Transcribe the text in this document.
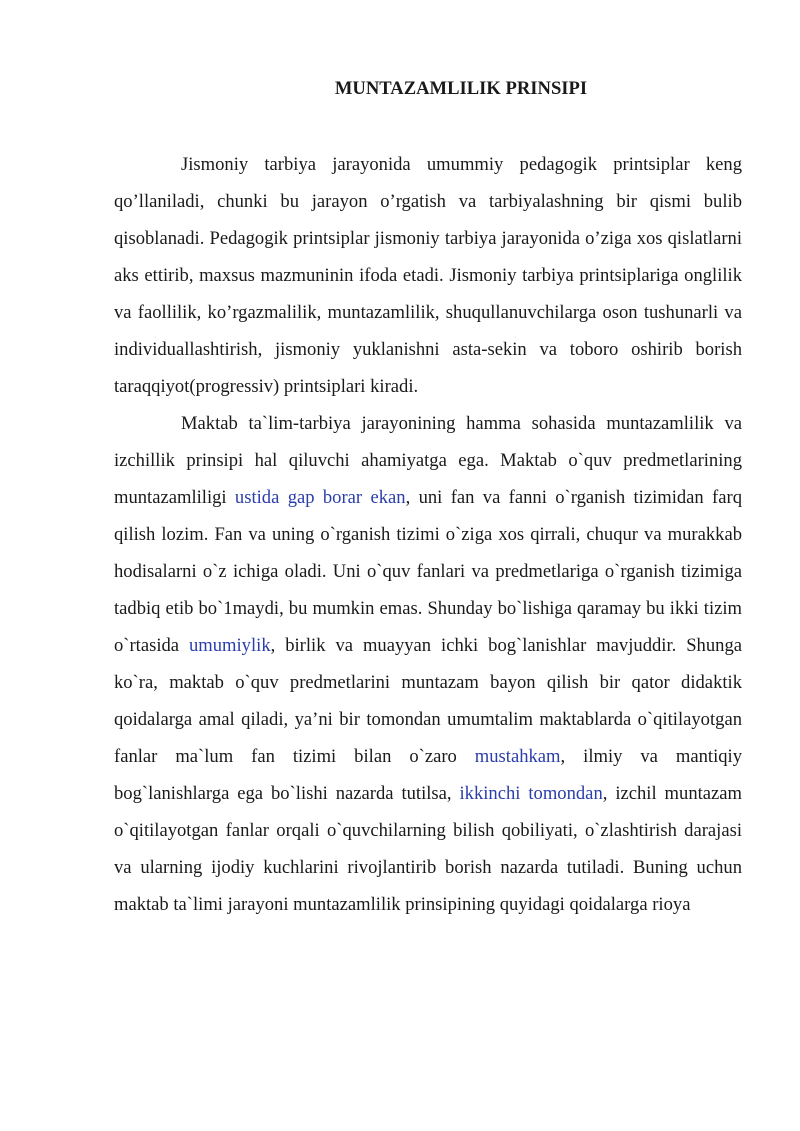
MUNTAZAMLILIK PRINSIPI

Jismoniy tarbiya jarayonida umummiy pedagogik printsiplar keng qo’llaniladi, chunki bu jarayon o’rgatish va tarbiyalashning bir qismi bulib qisoblanadi. Pedagogik printsiplar jismoniy tarbiya jarayonida o’ziga xos qislatlarni aks ettirib, maxsus mazmuninin ifoda etadi. Jismoniy tarbiya printsiplariga onglilik va faollilik, ko’rgazmalilik, muntazamlilik, shuqullanuvchilarga oson tushunarli va individuallashtirish, jismoniy yuklanishni asta-sekin va toboro oshirib borish taraqqiyot(progressiv) printsiplari kiradi.

Maktab ta`lim-tarbiya jarayonining hamma sohasida muntazamlilik va izchillik prinsipi hal qiluvchi ahamiyatga ega. Maktab o`quv predmetlarining muntazamliligi ustida gap borar ekan, uni fan va fanni o`rganish tizimidan farq qilish lozim. Fan va uning o`rganish tizimi o`ziga xos qirrali, chuqur va murakkab hodisalarni o`z ichiga oladi. Uni o`quv fanlari va predmetlariga o`rganish tizimiga tadbiq etib bo`1maydi, bu mumkin emas. Shunday bo`lishiga qaramay bu ikki tizim o`rtasida umumiylik, birlik va muayyan ichki bog`lanishlar mavjuddir. Shunga ko`ra, maktab o`quv predmetlarini muntazam bayon qilish bir qator didaktik qoidalarga amal qiladi, ya’ni bir tomondan umumtalim maktablarda o`qitilayotgan fanlar ma`lum fan tizimi bilan o`zaro mustahkam, ilmiy va mantiqiy bog`lanishlarga ega bo`lishi nazarda tutilsa, ikkinchi tomondan, izchil muntazam o`qitilayotgan fanlar orqali o`quvchilarning bilish qobiliyati, o`zlashtirish darajasi va ularning ijodiy kuchlarini rivojlantirib borish nazarda tutiladi. Buning uchun maktab ta`limi jarayoni muntazamlilik prinsipining quyidagi qoidalarga rioya
